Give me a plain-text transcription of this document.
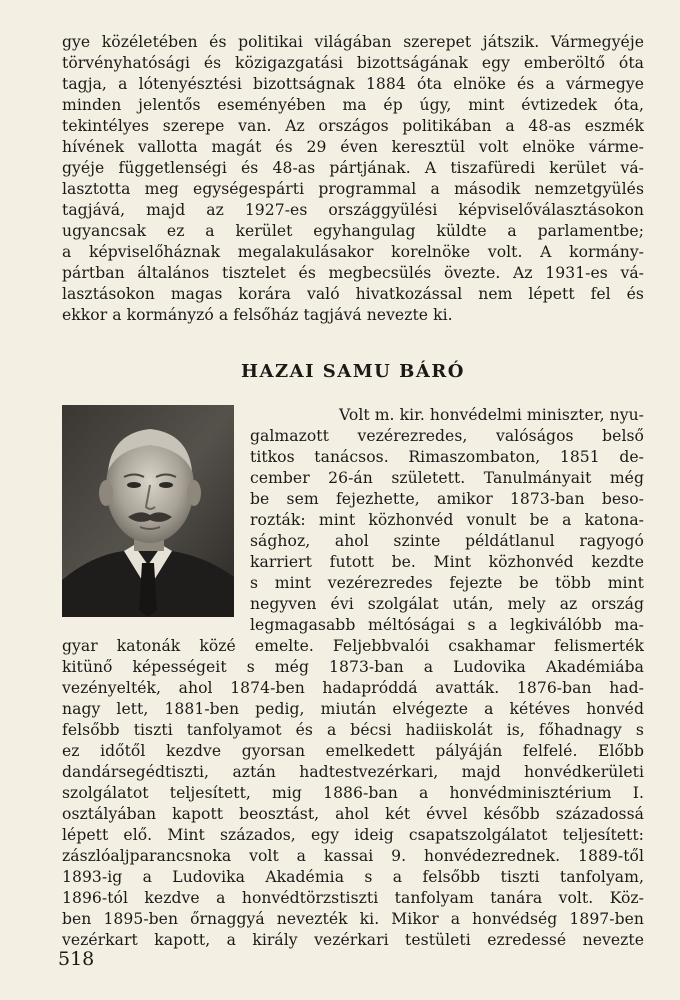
gye közéletében és politikai világában szerepet játszik. Vármegyéje
törvényhatósági és közigazgatási bizottságának egy emberöltő óta
tagja, a lótenyésztési bizottságnak 1884 óta elnöke és a vármegye
minden jelentős eseményében ma ép úgy, mint évtizedek óta,
tekintélyes szerepe van. Az országos politikában a 48-as eszmék
hívének vallotta magát és 29 éven keresztül volt elnöke várme-
gyéje függetlenségi és 48-as pártjának. A tiszafüredi kerület vá-
lasztotta meg egységespárti programmal a második nemzetgyülés
tagjává, majd az 1927-es országgyülési képviselőválasztásokon
ugyancsak ez a kerület egyhangulag küldte a parlamentbe;
a képviselőháznak megalakulásakor korelnöke volt. A kormány-
pártban általános tisztelet és megbecsülés övezte. Az 1931-es vá-
lasztásokon magas korára való hivatkozással nem lépett fel és
ekkor a kormányzó a felsőház tagjává nevezte ki.
HAZAI SAMU BÁRÓ
Volt m. kir. honvédelmi miniszter, nyu-
galmazott vezérezredes, valóságos belső
titkos tanácsos. Rimaszombaton, 1851 de-
cember 26-án született. Tanulmányait még
be sem fejezhette, amikor 1873-ban beso-
rozták: mint közhonvéd vonult be a katona-
sághoz, ahol szinte példátlanul ragyogó
karriert futott be. Mint közhonvéd kezdte
s mint vezérezredes fejezte be több mint
negyven évi szolgálat után, mely az ország
legmagasabb méltóságai s a legkiválóbb ma-
gyar katonák közé emelte. Feljebbvalói csakhamar felismerték
kitünő képességeit s még 1873-ban a Ludovika Akadémiába
vezényelték, ahol 1874-ben hadapróddá avatták. 1876-ban had-
nagy lett, 1881-ben pedig, miután elvégezte a kétéves honvéd
felsőbb tiszti tanfolyamot és a bécsi hadiiskolát is, főhadnagy s
ez időtől kezdve gyorsan emelkedett pályáján felfelé. Előbb
dandársegédtiszti, aztán hadtestvezérkari, majd honvédkerületi
szolgálatot teljesített, mig 1886-ban a honvédminisztérium I.
osztályában kapott beosztást, ahol két évvel később századossá
lépett elő. Mint százados, egy ideig csapatszolgálatot teljesített:
zászlóaljparancsnoka volt a kassai 9. honvédezrednek. 1889-től
1893-ig a Ludovika Akadémia s a felsőbb tiszti tanfolyam,
1896-tól kezdve a honvédtörzstiszti tanfolyam tanára volt. Köz-
ben 1895-ben őrnaggyá nevezték ki. Mikor a honvédség 1897-ben
vezérkart kapott, a király vezérkari testületi ezredessé nevezte
518
